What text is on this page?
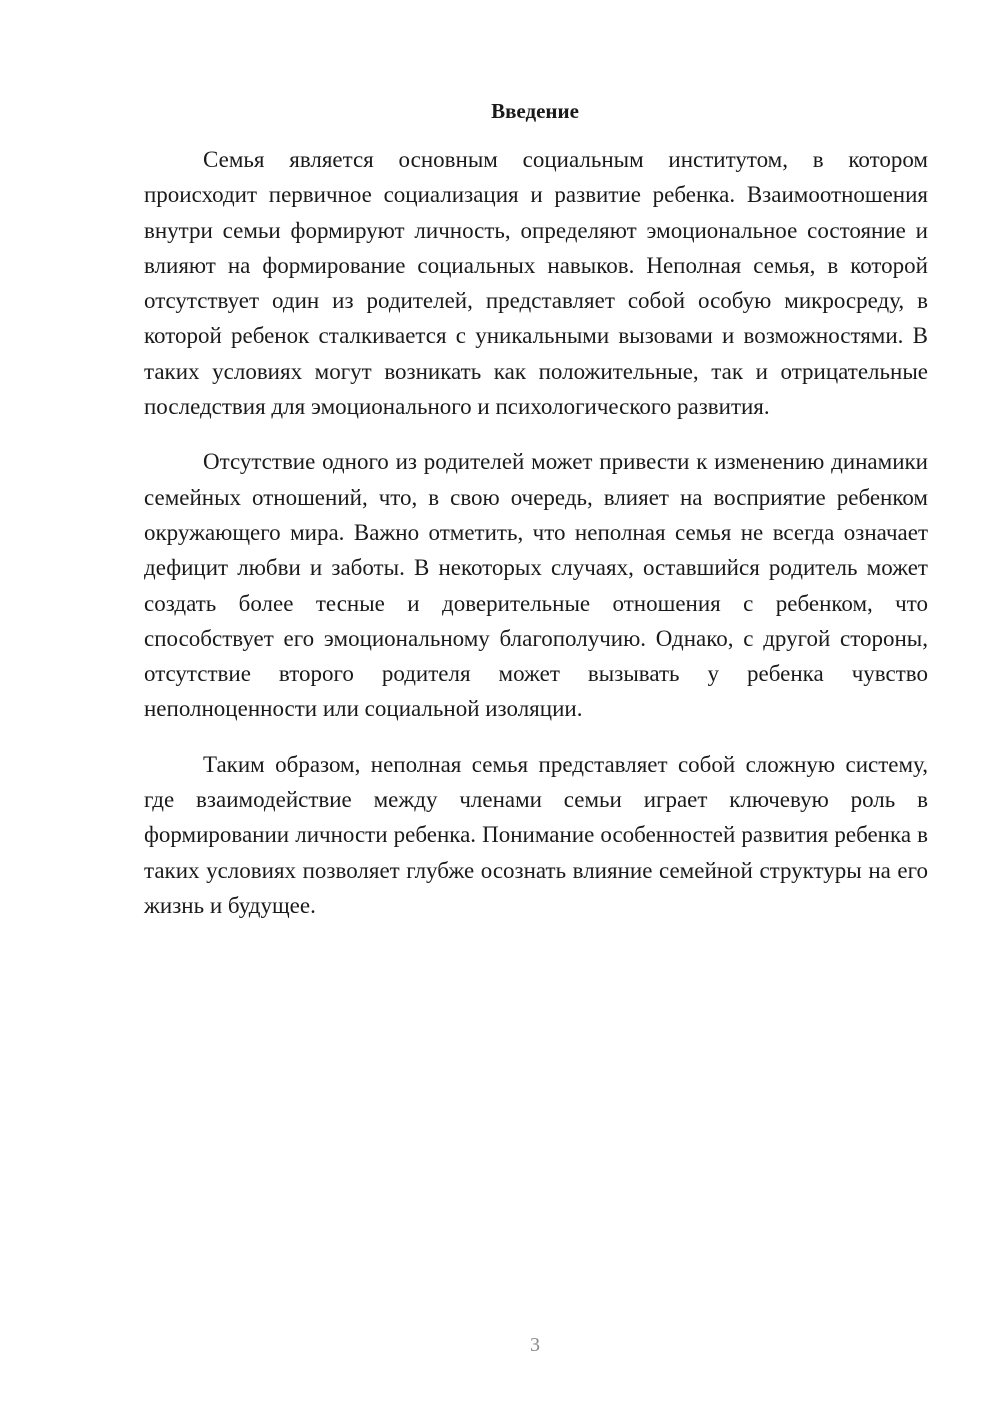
Введение

Семья является основным социальным институтом, в котором происходит первичное социализация и развитие ребенка. Взаимоотношения внутри семьи формируют личность, определяют эмоциональное состояние и влияют на формирование социальных навыков. Неполная семья, в которой отсутствует один из родителей, представляет собой особую микросреду, в которой ребенок сталкивается с уникальными вызовами и возможностями. В таких условиях могут возникать как положительные, так и отрицательные последствия для эмоционального и психологического развития.

Отсутствие одного из родителей может привести к изменению динамики семейных отношений, что, в свою очередь, влияет на восприятие ребенком окружающего мира. Важно отметить, что неполная семья не всегда означает дефицит любви и заботы. В некоторых случаях, оставшийся родитель может создать более тесные и доверительные отношения с ребенком, что способствует его эмоциональному благополучию. Однако, с другой стороны, отсутствие второго родителя может вызывать у ребенка чувство неполноценности или социальной изоляции.

Таким образом, неполная семья представляет собой сложную систему, где взаимодействие между членами семьи играет ключевую роль в формировании личности ребенка. Понимание особенностей развития ребенка в таких условиях позволяет глубже осознать влияние семейной структуры на его жизнь и будущее.

3
